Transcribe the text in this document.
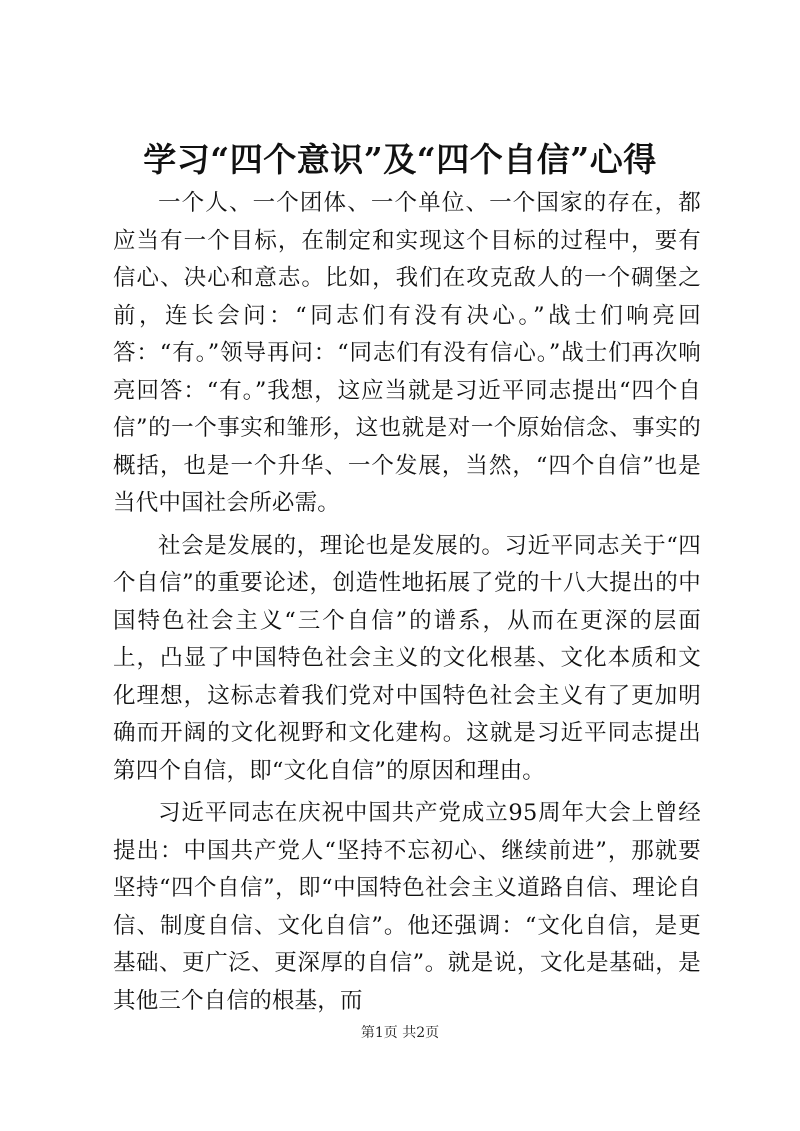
学习“四个意识”及“四个自信”心得

一个人、一个团体、一个单位、一个国家的存在，都应当有一个目标，在制定和实现这个目标的过程中，要有信心、决心和意志。比如，我们在攻克敌人的一个碉堡之前，连长会问：“同志们有没有决心。”战士们响亮回答：“有。”领导再问：“同志们有没有信心。”战士们再次响亮回答：“有。”我想，这应当就是习近平同志提出“四个自信”的一个事实和雏形，这也就是对一个原始信念、事实的概括，也是一个升华、一个发展，当然，“四个自信”也是当代中国社会所必需。

社会是发展的，理论也是发展的。习近平同志关于“四个自信”的重要论述，创造性地拓展了党的十八大提出的中国特色社会主义“三个自信”的谱系，从而在更深的层面上，凸显了中国特色社会主义的文化根基、文化本质和文化理想，这标志着我们党对中国特色社会主义有了更加明确而开阔的文化视野和文化建构。这就是习近平同志提出第四个自信，即“文化自信”的原因和理由。

习近平同志在庆祝中国共产党成立95周年大会上曾经提出：中国共产党人“坚持不忘初心、继续前进”，那就要坚持“四个自信”，即“中国特色社会主义道路自信、理论自信、制度自信、文化自信”。他还强调：“文化自信，是更基础、更广泛、更深厚的自信”。就是说，文化是基础，是其他三个自信的根基，而

第1页 共2页
